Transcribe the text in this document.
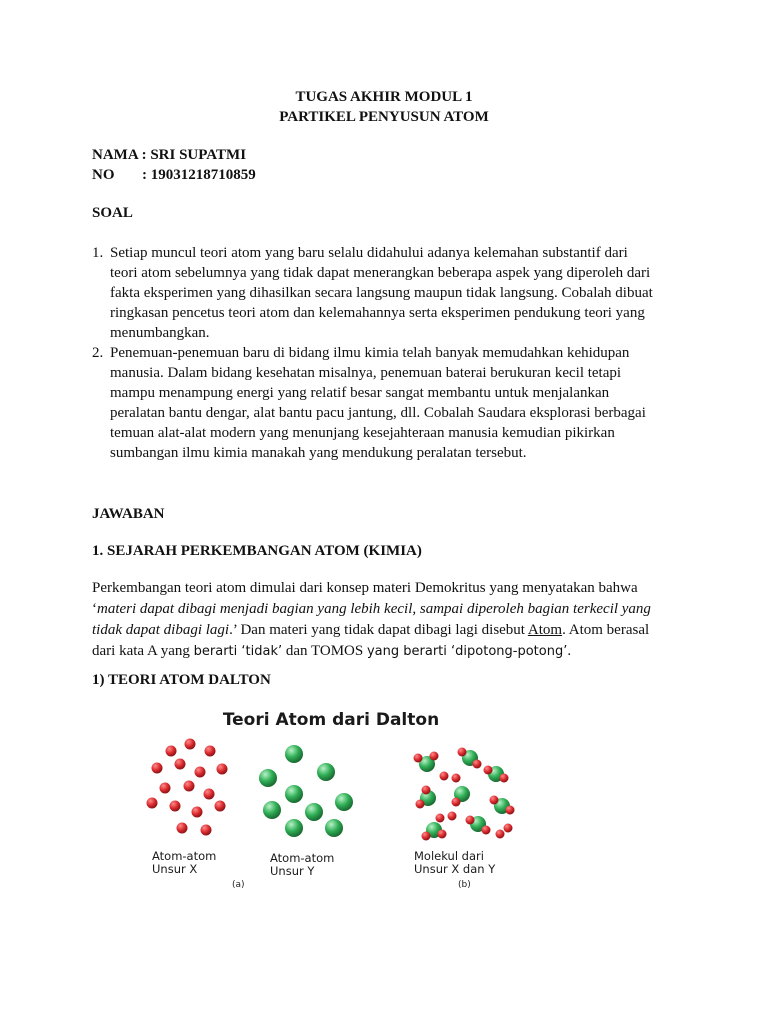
TUGAS AKHIR MODUL 1
PARTIKEL PENYUSUN ATOM
NAMA : SRI SUPATMI
NO : 19031218710859
SOAL
1. Setiap muncul teori atom yang baru selalu didahului adanya kelemahan substantif dari
teori atom sebelumnya yang tidak dapat menerangkan beberapa aspek yang diperoleh dari
fakta eksperimen yang dihasilkan secara langsung maupun tidak langsung. Cobalah dibuat
ringkasan pencetus teori atom dan kelemahannya serta eksperimen pendukung teori yang
menumbangkan.
2. Penemuan-penemuan baru di bidang ilmu kimia telah banyak memudahkan kehidupan
manusia. Dalam bidang kesehatan misalnya, penemuan baterai berukuran kecil tetapi
mampu menampung energi yang relatif besar sangat membantu untuk menjalankan
peralatan bantu dengar, alat bantu pacu jantung, dll. Cobalah Saudara eksplorasi berbagai
temuan alat-alat modern yang menunjang kesejahteraan manusia kemudian pikirkan
sumbangan ilmu kimia manakah yang mendukung peralatan tersebut.
JAWABAN
1. SEJARAH PERKEMBANGAN ATOM (KIMIA)
Perkembangan teori atom dimulai dari konsep materi Demokritus yang menyatakan bahwa
‘materi dapat dibagi menjadi bagian yang lebih kecil, sampai diperoleh bagian terkecil yang
tidak dapat dibagi lagi.’ Dan materi yang tidak dapat dibagi lagi disebut Atom. Atom berasal
dari kata A yang berarti ‘tidak’ dan TOMOS yang berarti ‘dipotong-potong’.
1) TEORI ATOM DALTON
Teori Atom dari Dalton
Atom-atom
Unsur X
(a)
Atom-atom
Unsur Y
Molekul dari
Unsur X dan Y
(b)
